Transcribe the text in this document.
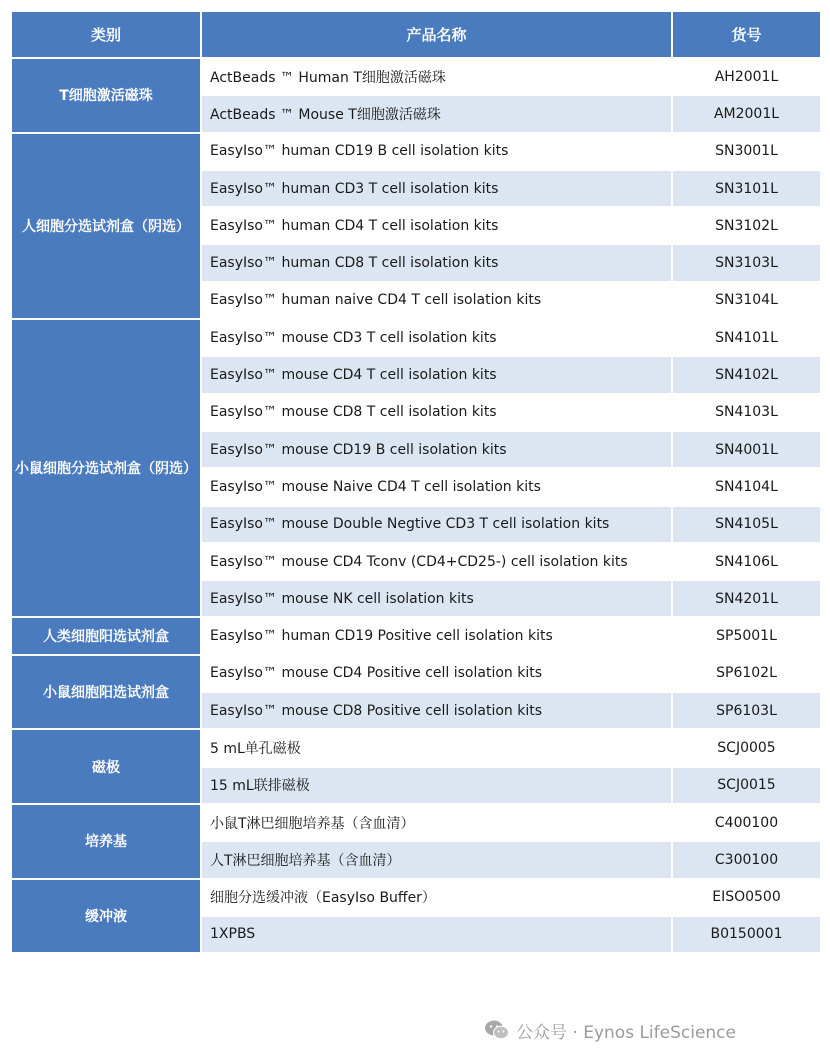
类别	产品名称	货号
T细胞激活磁珠	ActBeads ™ Human T细胞激活磁珠	AH2001L
	ActBeads ™ Mouse T细胞激活磁珠	AM2001L
人细胞分选试剂盒（阴选）	EasyIso™ human CD19 B cell isolation kits	SN3001L
	EasyIso™ human CD3 T cell isolation kits	SN3101L
	EasyIso™ human CD4 T cell isolation kits	SN3102L
	EasyIso™ human CD8 T cell isolation kits	SN3103L
	EasyIso™ human naive CD4 T cell isolation kits	SN3104L
小鼠细胞分选试剂盒（阴选）	EasyIso™ mouse CD3 T cell isolation kits	SN4101L
	EasyIso™ mouse CD4 T cell isolation kits	SN4102L
	EasyIso™ mouse CD8 T cell isolation kits	SN4103L
	EasyIso™ mouse CD19 B cell isolation kits	SN4001L
	EasyIso™ mouse Naive CD4 T cell isolation kits	SN4104L
	EasyIso™ mouse Double Negtive CD3 T cell isolation kits	SN4105L
	EasyIso™ mouse CD4 Tconv (CD4+CD25-) cell isolation kits	SN4106L
	EasyIso™ mouse NK cell isolation kits	SN4201L
人类细胞阳选试剂盒	EasyIso™ human CD19 Positive cell isolation kits	SP5001L
小鼠细胞阳选试剂盒	EasyIso™ mouse CD4 Positive cell isolation kits	SP6102L
	EasyIso™ mouse CD8 Positive cell isolation kits	SP6103L
磁极	5 mL单孔磁极	SCJ0005
	15 mL联排磁极	SCJ0015
培养基	小鼠T淋巴细胞培养基（含血清）	C400100
	人T淋巴细胞培养基（含血清）	C300100
缓冲液	细胞分选缓冲液（EasyIso Buffer）	EISO0500
	1XPBS	B0150001
公众号 · Eynos LifeScience
